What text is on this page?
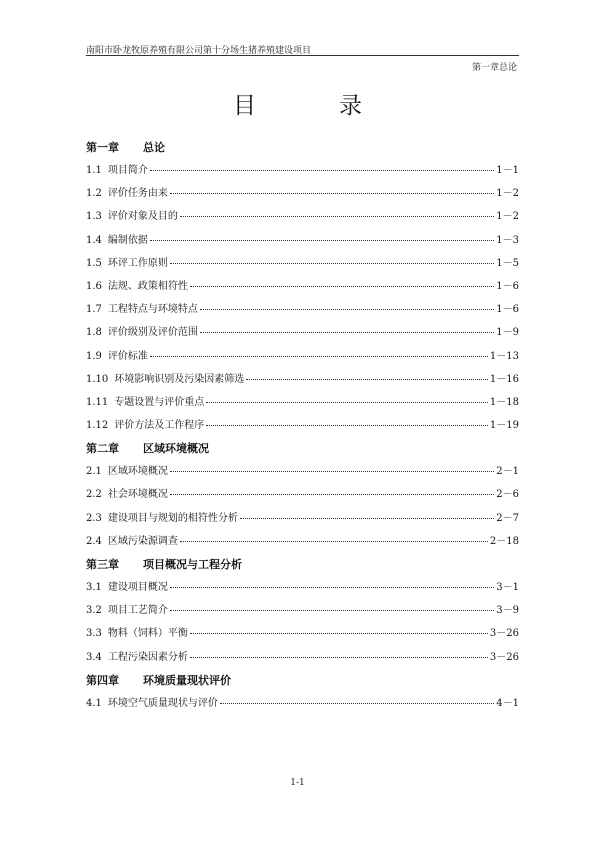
南阳市卧龙牧原养殖有限公司第十分场生猪养殖建设项目
第一章总论
目　录
第一章 总论
1.1 项目简介	1－1
1.2 评价任务由来	1－2
1.3 评价对象及目的	1－2
1.4 编制依据	1－3
1.5 环评工作原则	1－5
1.6 法规、政策相符性	1－6
1.7 工程特点与环境特点	1－6
1.8 评价级别及评价范围	1－9
1.9 评价标准	1－13
1.10 环境影响识别及污染因素筛选	1－16
1.11 专题设置与评价重点	1－18
1.12 评价方法及工作程序	1－19
第二章 区域环境概况
2.1 区域环境概况	2－1
2.2 社会环境概况	2－6
2.3 建设项目与规划的相符性分析	2－7
2.4 区域污染源调查	2－18
第三章 项目概况与工程分析
3.1 建设项目概况	3－1
3.2 项目工艺简介	3－9
3.3 物料（饲料）平衡	3－26
3.4 工程污染因素分析	3－26
第四章 环境质量现状评价
4.1 环境空气质量现状与评价	4－1
1-1
